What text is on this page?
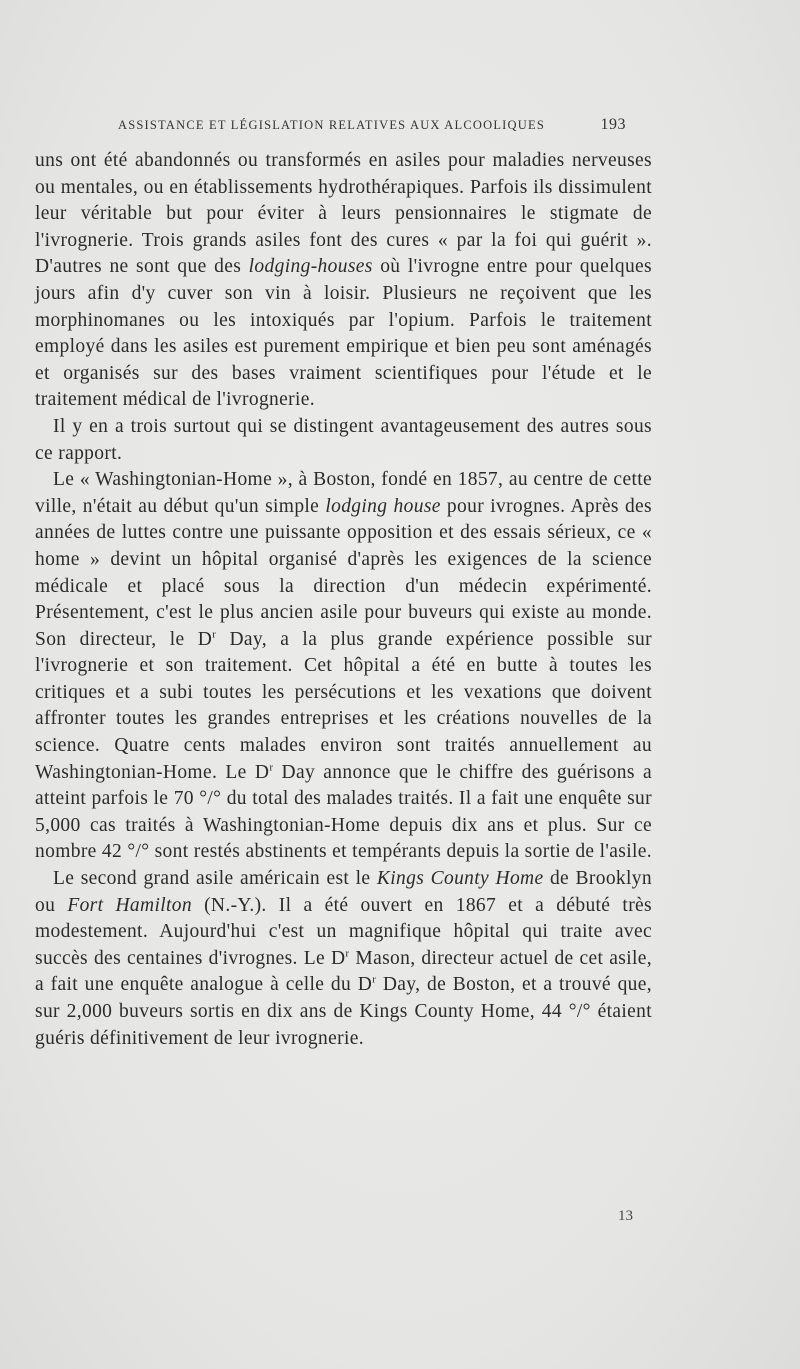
ASSISTANCE ET LÉGISLATION RELATIVES AUX ALCOOLIQUES	193

uns ont été abandonnés ou transformés en asiles pour maladies nerveuses ou mentales, ou en établissements hydrothérapiques. Parfois ils dissimulent leur véritable but pour éviter à leurs pensionnaires le stigmate de l'ivrognerie. Trois grands asiles font des cures « par la foi qui guérit ». D'autres ne sont que des lodging-houses où l'ivrogne entre pour quelques jours afin d'y cuver son vin à loisir. Plusieurs ne reçoivent que les morphinomanes ou les intoxiqués par l'opium. Parfois le traitement employé dans les asiles est purement empirique et bien peu sont aménagés et organisés sur des bases vraiment scientifiques pour l'étude et le traitement médical de l'ivrognerie.

Il y en a trois surtout qui se distingent avantageusement des autres sous ce rapport.

Le « Washingtonian-Home », à Boston, fondé en 1857, au centre de cette ville, n'était au début qu'un simple lodging house pour ivrognes. Après des années de luttes contre une puissante opposition et des essais sérieux, ce « home » devint un hôpital organisé d'après les exigences de la science médicale et placé sous la direction d'un médecin expérimenté. Présentement, c'est le plus ancien asile pour buveurs qui existe au monde. Son directeur, le $D^r$ Day, a la plus grande expérience possible sur l'ivrognerie et son traitement. Cet hôpital a été en butte à toutes les critiques et a subi toutes les persécutions et les vexations que doivent affronter toutes les grandes entreprises et les créations nouvelles de la science. Quatre cents malades environ sont traités annuellement au Washingtonian-Home. Le $D^r$ Day annonce que le chiffre des guérisons a atteint parfois le 70 °/° du total des malades traités. Il a fait une enquête sur 5,000 cas traités à Washingtonian-Home depuis dix ans et plus. Sur ce nombre 42 °/° sont restés abstinents et tempérants depuis la sortie de l'asile.

Le second grand asile américain est le Kings County Home de Brooklyn ou Fort Hamilton (N.-Y.). Il a été ouvert en 1867 et a débuté très modestement. Aujourd'hui c'est un magnifique hôpital qui traite avec succès des centaines d'ivrognes. Le $D^r$ Mason, directeur actuel de cet asile, a fait une enquête analogue à celle du $D^r$ Day, de Boston, et a trouvé que, sur 2,000 buveurs sortis en dix ans de Kings County Home, 44 °/° étaient guéris définitivement de leur ivrognerie.

13
